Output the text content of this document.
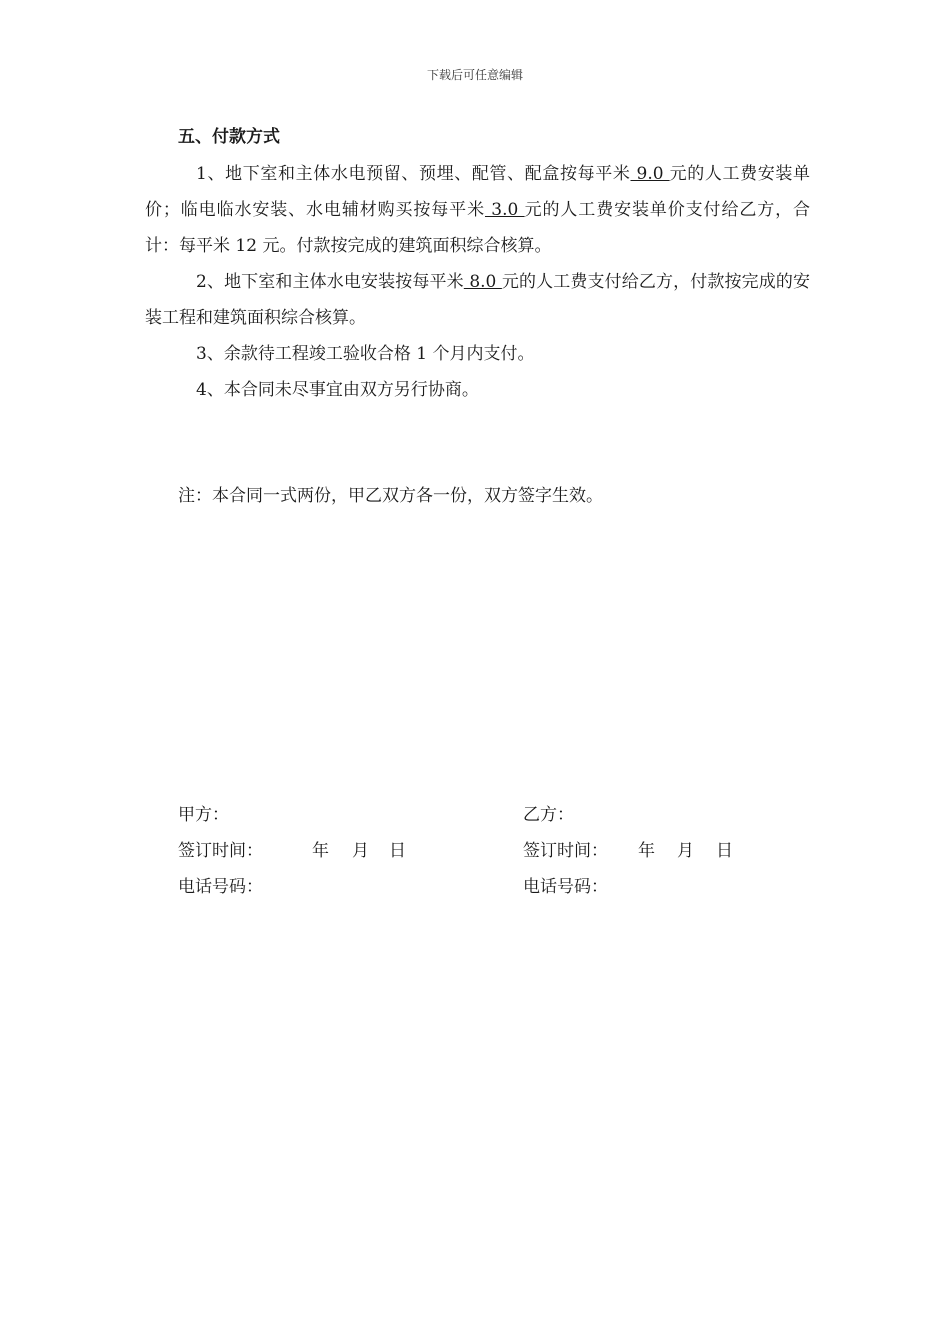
下载后可任意编辑
五、付款方式
1、地下室和主体水电预留、预埋、配管、配盒按每平米 9.0 元的人工费安装单价；临电临水安装、水电辅材购买按每平米 3.0 元的人工费安装单价支付给乙方，合计：每平米 12 元。付款按完成的建筑面积综合核算。
2、地下室和主体水电安装按每平米 8.0 元的人工费支付给乙方，付款按完成的安装工程和建筑面积综合核算。
3、余款待工程竣工验收合格 1 个月内支付。
4、本合同未尽事宜由双方另行协商。
注：本合同一式两份，甲乙双方各一份，双方签字生效。
甲方：
签订时间：	年 月 日
电话号码：
乙方：
签订时间： 年 月 日
电话号码：
